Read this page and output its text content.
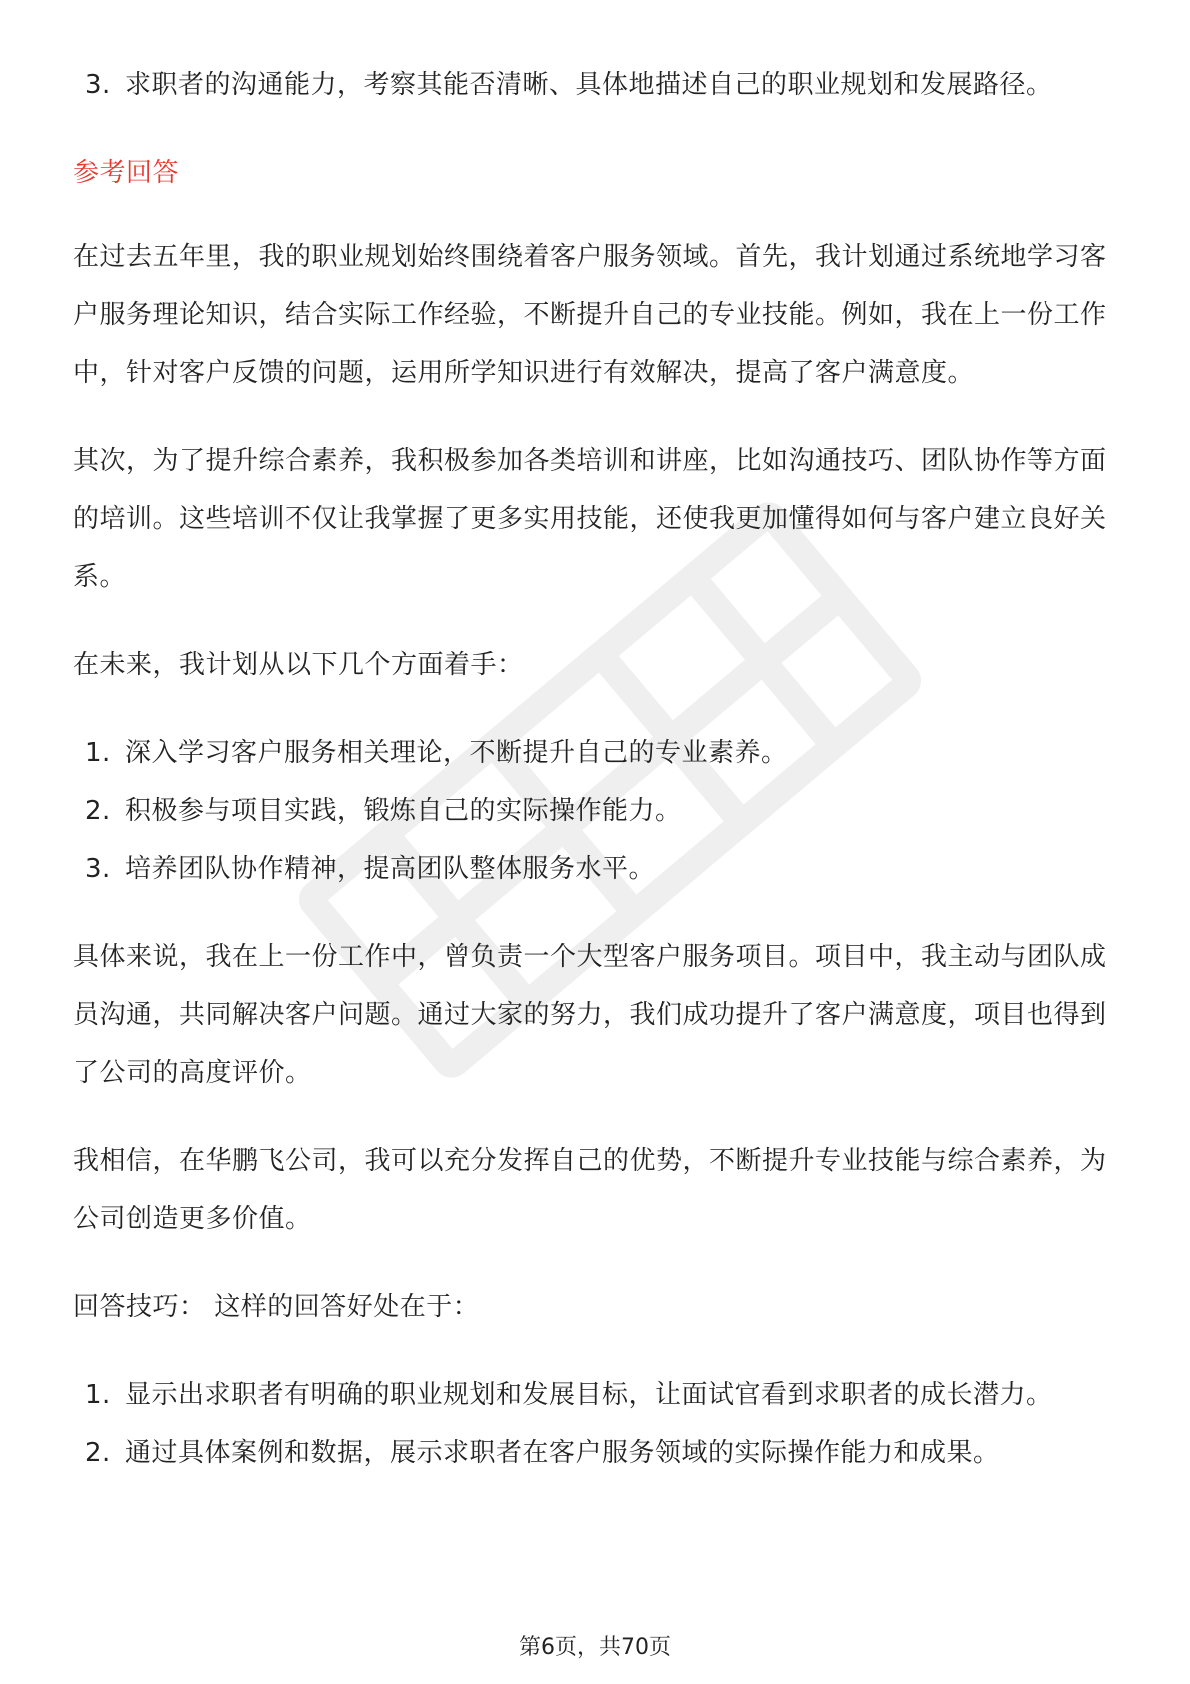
3. 求职者的沟通能力，考察其能否清晰、具体地描述自己的职业规划和发展路径。
参考回答

在过去五年里，我的职业规划始终围绕着客户服务领域。首先，我计划通过系统地学习客户服务理论知识，结合实际工作经验，不断提升自己的专业技能。例如，我在上一份工作中，针对客户反馈的问题，运用所学知识进行有效解决，提高了客户满意度。

其次，为了提升综合素养，我积极参加各类培训和讲座，比如沟通技巧、团队协作等方面的培训。这些培训不仅让我掌握了更多实用技能，还使我更加懂得如何与客户建立良好关系。

在未来，我计划从以下几个方面着手：

1. 深入学习客户服务相关理论，不断提升自己的专业素养。
2. 积极参与项目实践，锻炼自己的实际操作能力。
3. 培养团队协作精神，提高团队整体服务水平。

具体来说，我在上一份工作中，曾负责一个大型客户服务项目。项目中，我主动与团队成员沟通，共同解决客户问题。通过大家的努力，我们成功提升了客户满意度，项目也得到了公司的高度评价。

我相信，在华鹏飞公司，我可以充分发挥自己的优势，不断提升专业技能与综合素养，为公司创造更多价值。

回答技巧： 这样的回答好处在于：

1. 显示出求职者有明确的职业规划和发展目标，让面试官看到求职者的成长潜力。
2. 通过具体案例和数据，展示求职者在客户服务领域的实际操作能力和成果。
第6页，共70页
